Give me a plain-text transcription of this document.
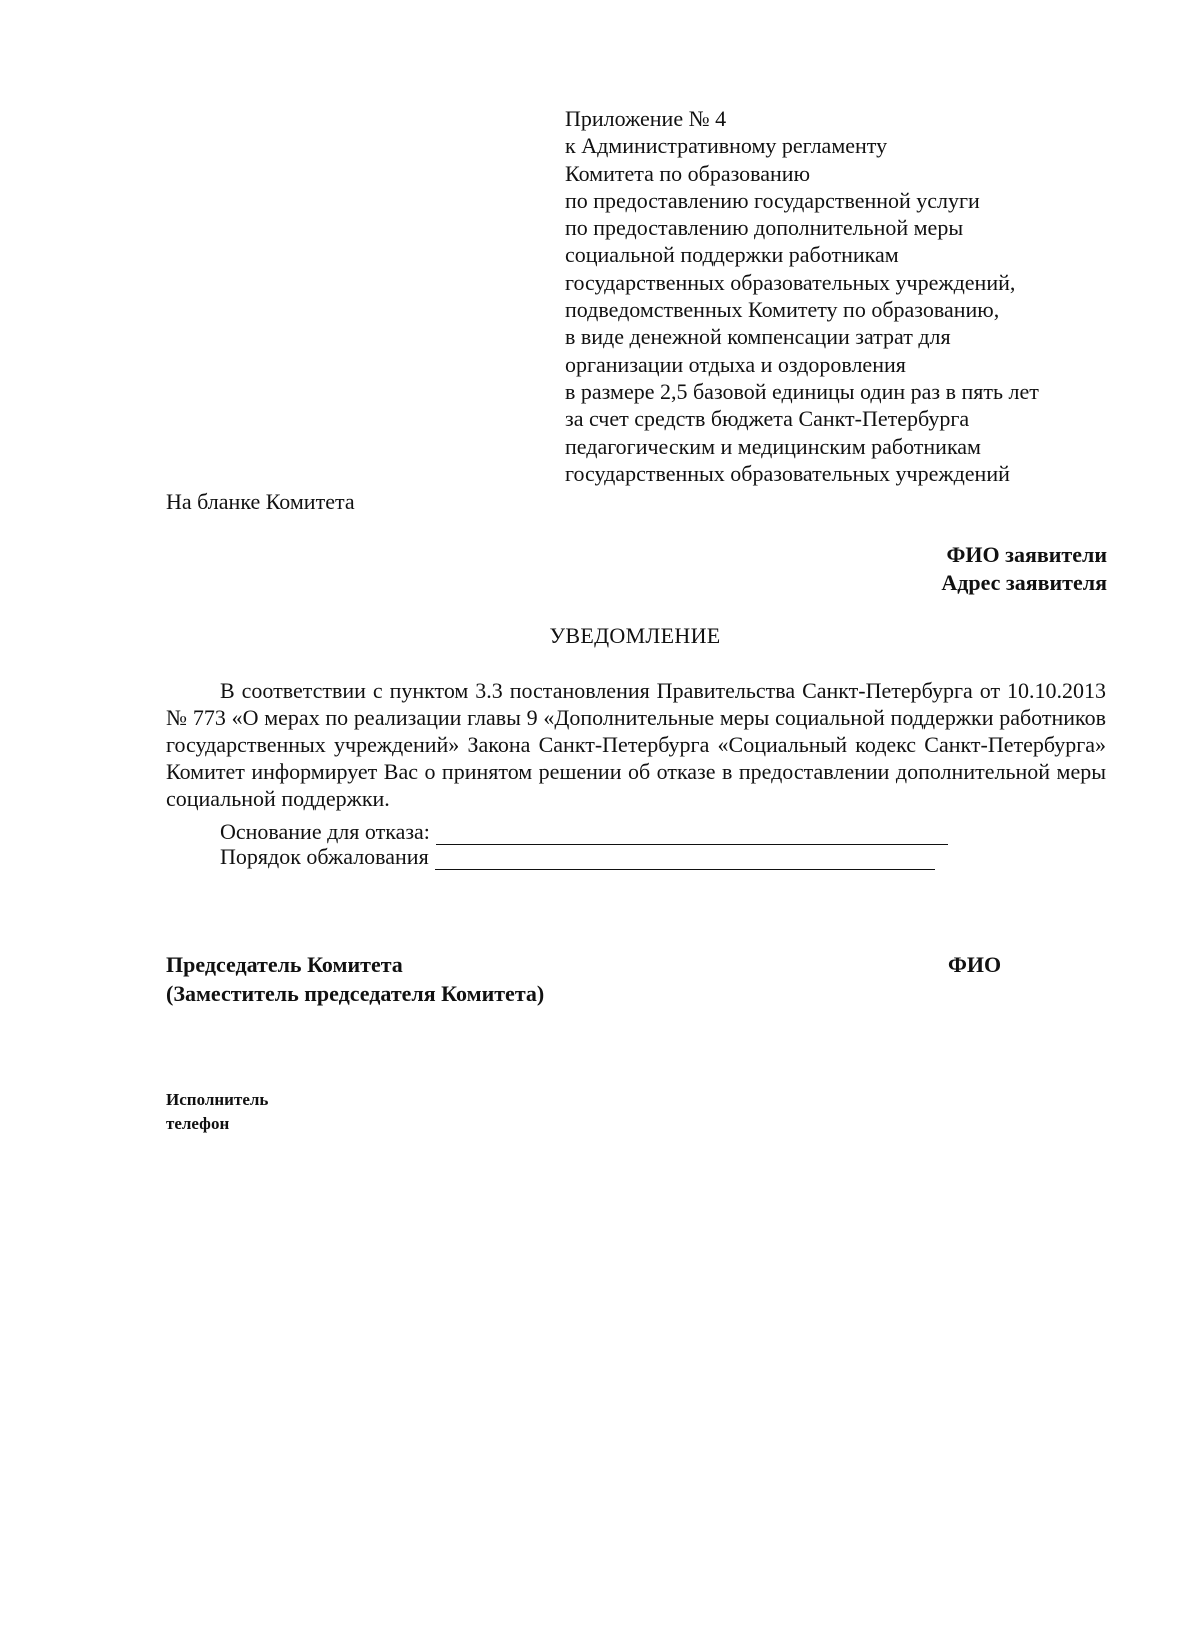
Приложение № 4
к Административному регламенту
Комитета по образованию
по предоставлению государственной услуги
по предоставлению дополнительной меры
социальной поддержки работникам
государственных образовательных учреждений,
подведомственных Комитету по образованию,
в виде денежной компенсации затрат для
организации отдыха и оздоровления
в размере 2,5 базовой единицы один раз в пять лет
за счет средств бюджета Санкт-Петербурга
педагогическим и медицинским работникам
государственных образовательных учреждений
На бланке Комитета
ФИО заявители
Адрес заявителя
УВЕДОМЛЕНИЕ
В соответствии с пунктом 3.3 постановления Правительства Санкт-Петербурга от 10.10.2013 № 773 «О мерах по реализации главы 9 «Дополнительные меры социальной поддержки работников государственных учреждений» Закона Санкт-Петербурга «Социальный кодекс Санкт-Петербурга» Комитет информирует Вас о принятом решении об отказе в предоставлении дополнительной меры социальной поддержки.
Основание для отказа:
Порядок обжалования
Председатель Комитета
(Заместитель председателя Комитета)
ФИО
Исполнитель
телефон
